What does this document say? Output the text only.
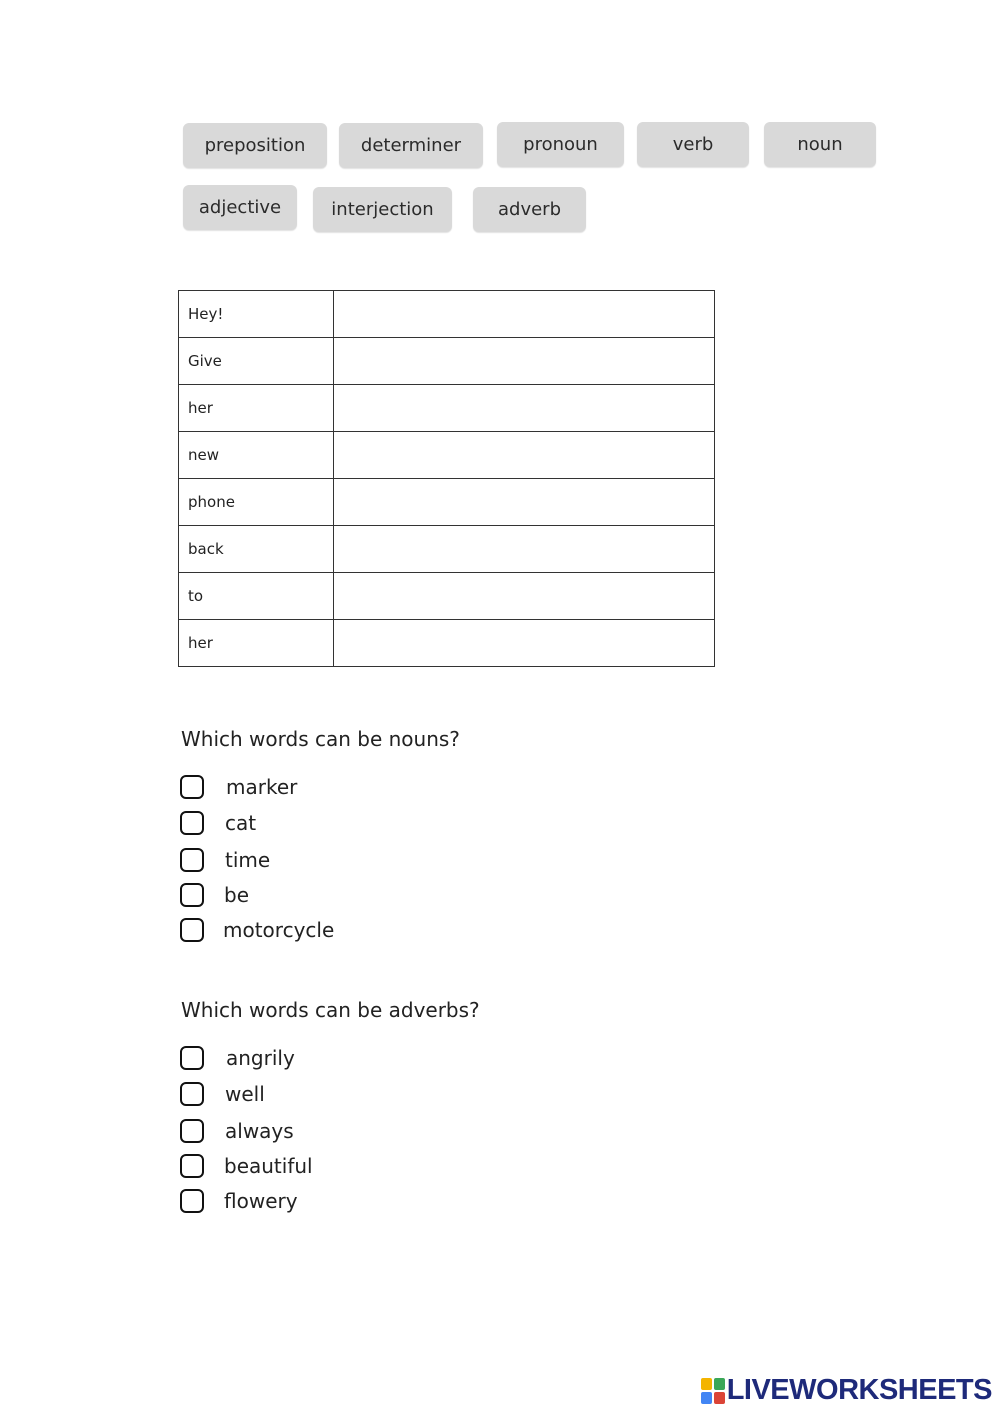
preposition	determiner	pronoun	verb	noun
adjective	interjection	adverb
Hey!	
Give	
her	
new	
phone	
back	
to	
her	
Which words can be nouns?
marker
cat
time
be
motorcycle
Which words can be adverbs?
angrily
well
always
beautiful
flowery
LIVEWORKSHEETS
